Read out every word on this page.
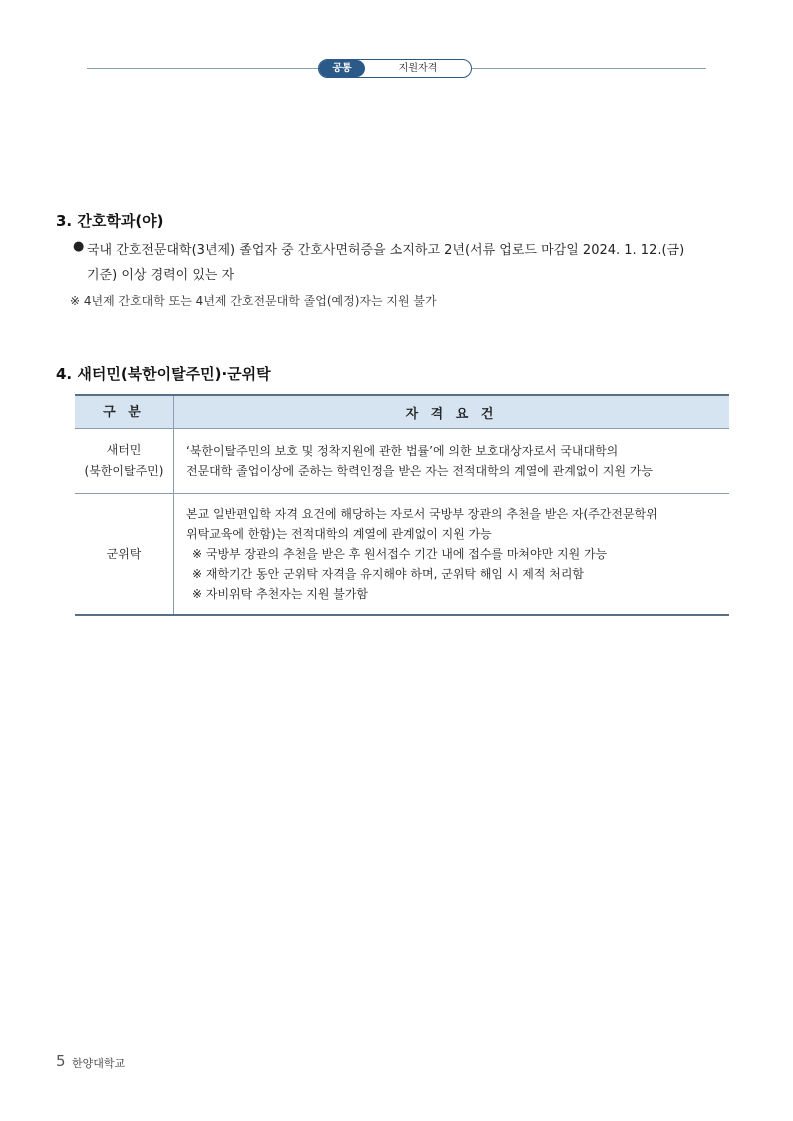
공통	지원자격
3. 간호학과(야)
● 국내 간호전문대학(3년제) 졸업자 중 간호사면허증을 소지하고 2년(서류 업로드 마감일 2024. 1. 12.(금)
기준) 이상 경력이 있는 자
※ 4년제 간호대학 또는 4년제 간호전문대학 졸업(예정)자는 지원 불가
4. 새터민(북한이탈주민)·군위탁
구 분	자 격 요 건

새터민
(북한이탈주민)	‘북한이탈주민의 보호 및 정착지원에 관한 법률’에 의한 보호대상자로서 국내대학의
전문대학 졸업이상에 준하는 학력인정을 받은 자는 전적대학의 계열에 관계없이 지원 가능

군위탁	본교 일반편입학 자격 요건에 해당하는 자로서 국방부 장관의 추천을 받은 자(주간전문학위
위탁교육에 한함)는 전적대학의 계열에 관계없이 지원 가능
※ 국방부 장관의 추천을 받은 후 원서접수 기간 내에 접수를 마쳐야만 지원 가능
※ 재학기간 동안 군위탁 자격을 유지해야 하며, 군위탁 해임 시 제적 처리함
※ 자비위탁 추천자는 지원 불가함
5 한양대학교
